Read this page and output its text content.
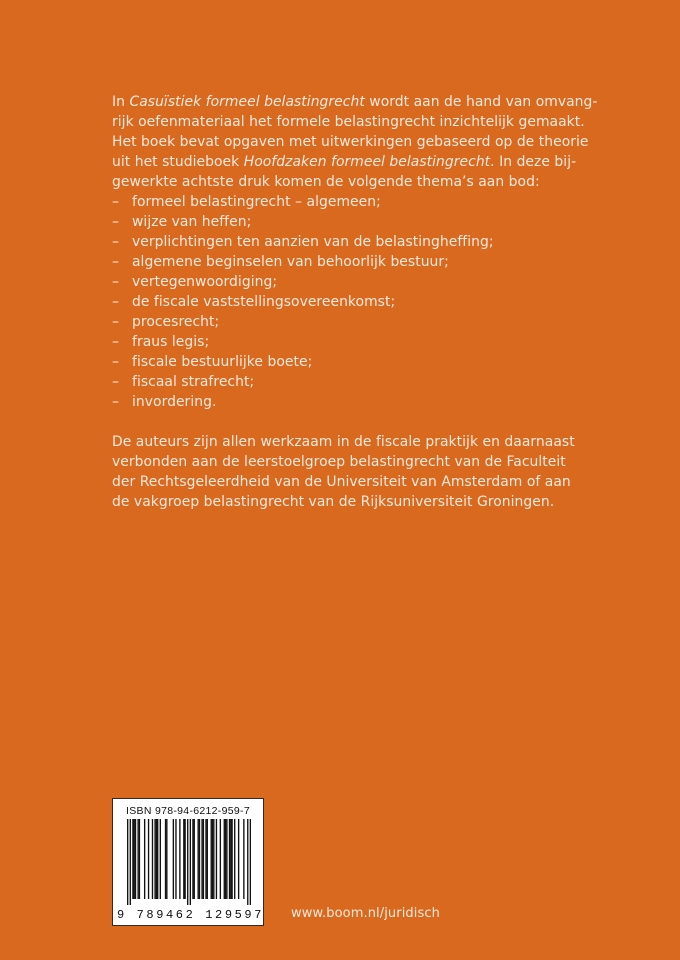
In Casuïstiek formeel belastingrecht wordt aan de hand van omvang-
rijk oefenmateriaal het formele belastingrecht inzichtelijk gemaakt.
Het boek bevat opgaven met uitwerkingen gebaseerd op de theorie
uit het studieboek Hoofdzaken formeel belastingrecht. In deze bij-
gewerkte achtste druk komen de volgende thema’s aan bod:
– formeel belastingrecht – algemeen;
– wijze van heffen;
– verplichtingen ten aanzien van de belastingheffing;
– algemene beginselen van behoorlijk bestuur;
– vertegenwoordiging;
– de fiscale vaststellingsovereenkomst;
– procesrecht;
– fraus legis;
– fiscale bestuurlijke boete;
– fiscaal strafrecht;
– invordering.
De auteurs zijn allen werkzaam in de fiscale praktijk en daarnaast
verbonden aan de leerstoelgroep belastingrecht van de Faculteit
der Rechtsgeleerdheid van de Universiteit van Amsterdam of aan
de vakgroep belastingrecht van de Rijksuniversiteit Groningen.
ISBN 978-94-6212-959-7
9 789462 129597 www.boom.nl/juridisch
